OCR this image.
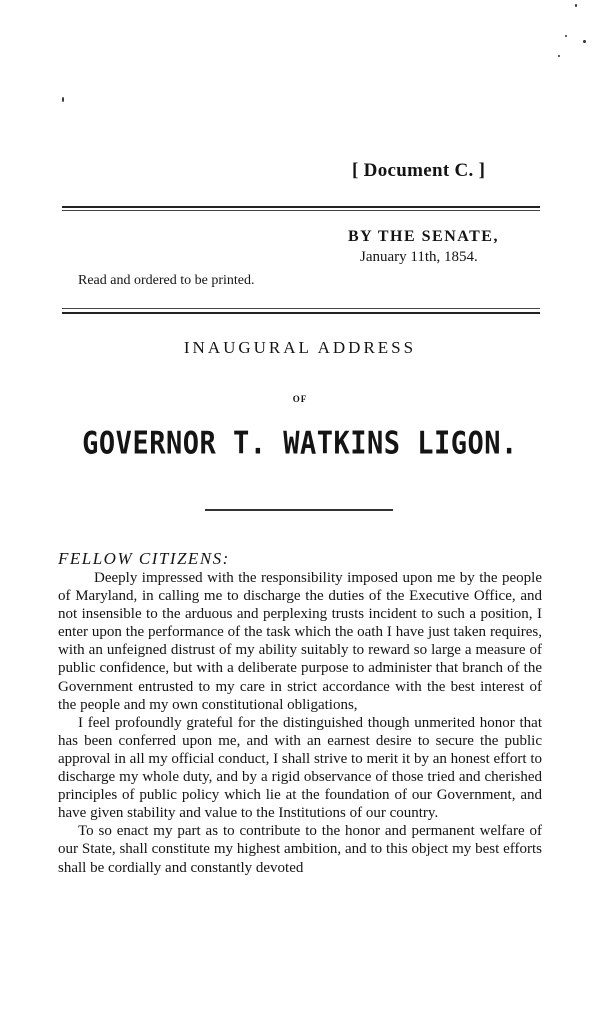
[ Document C. ]
BY THE SENATE,
January 11th, 1854.
Read and ordered to be printed.
INAUGURAL ADDRESS
OF
GOVERNOR T. WATKINS LIGON.
FELLOW CITIZENS:

Deeply impressed with the responsibility imposed upon me by the people of Maryland, in calling me to discharge the duties of the Executive Office, and not insensible to the arduous and perplexing trusts incident to such a position, I enter upon the performance of the task which the oath I have just taken requires, with an unfeigned distrust of my ability suitably to reward so large a measure of public confidence, but with a deliberate purpose to administer that branch of the Government entrusted to my care in strict accordance with the best interest of the people and my own constitutional obligations,

I feel profoundly grateful for the distinguished though unmerited honor that has been conferred upon me, and with an earnest desire to secure the public approval in all my official conduct, I shall strive to merit it by an honest effort to discharge my whole duty, and by a rigid observance of those tried and cherished principles of public policy which lie at the foundation of our Government, and have given stability and value to the Institutions of our country.

To so enact my part as to contribute to the honor and permanent welfare of our State, shall constitute my highest ambition, and to this object my best efforts shall be cordially and constantly devoted
